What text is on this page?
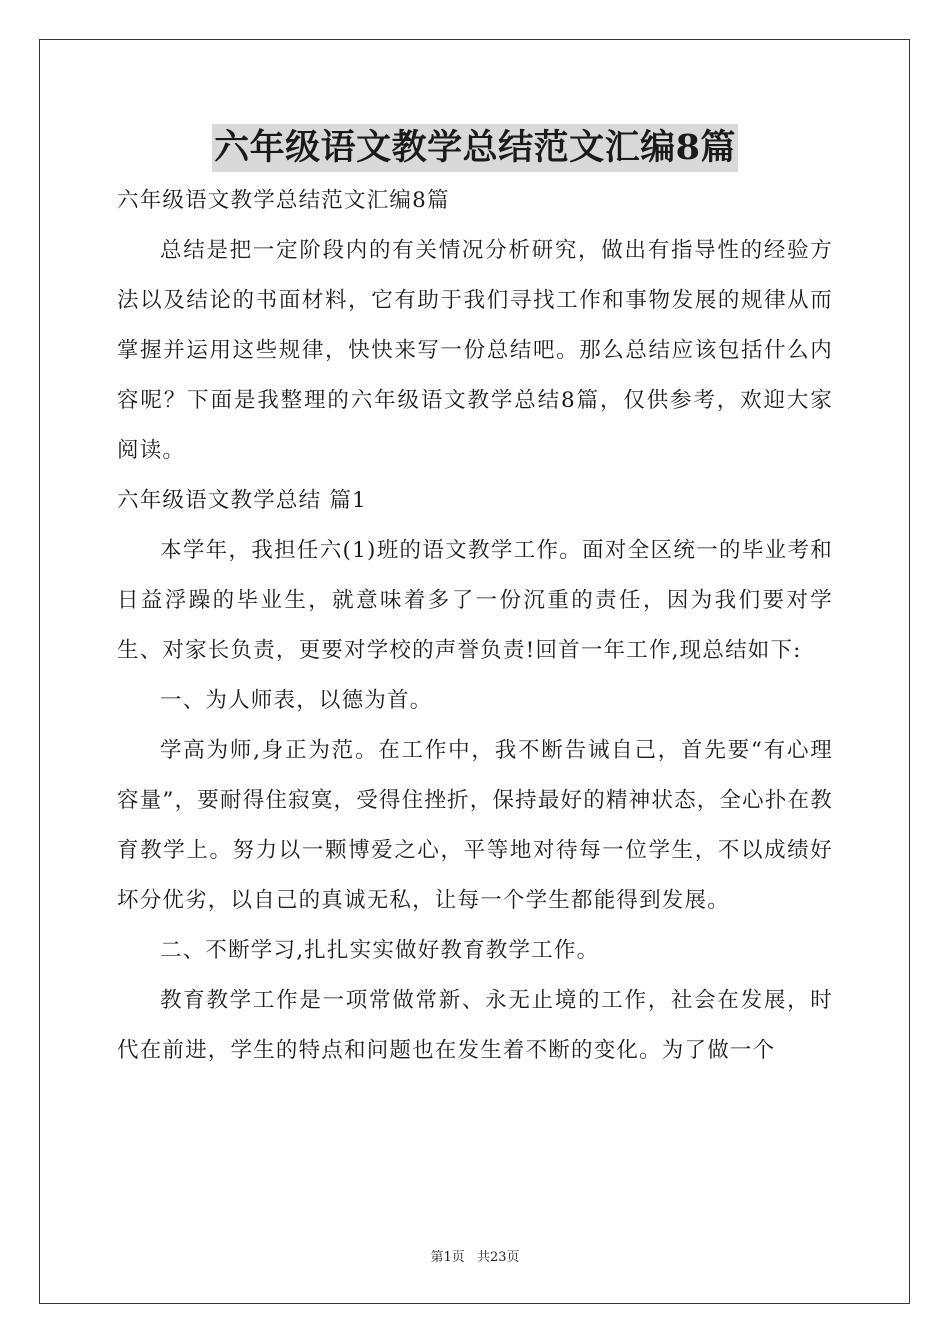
六年级语文教学总结范文汇编8篇

六年级语文教学总结范文汇编8篇

总结是把一定阶段内的有关情况分析研究，做出有指导性的经验方法以及结论的书面材料，它有助于我们寻找工作和事物发展的规律从而掌握并运用这些规律，快快来写一份总结吧。那么总结应该包括什么内容呢？下面是我整理的六年级语文教学总结8篇，仅供参考，欢迎大家阅读。

六年级语文教学总结 篇1

本学年，我担任六(1)班的语文教学工作。面对全区统一的毕业考和日益浮躁的毕业生，就意味着多了一份沉重的责任，因为我们要对学生、对家长负责，更要对学校的声誉负责!回首一年工作,现总结如下:

一、为人师表，以德为首。

学高为师,身正为范。在工作中，我不断告诫自己，首先要“有心理容量”，要耐得住寂寞，受得住挫折，保持最好的精神状态，全心扑在教育教学上。努力以一颗博爱之心，平等地对待每一位学生，不以成绩好坏分优劣，以自己的真诚无私，让每一个学生都能得到发展。

二、不断学习,扎扎实实做好教育教学工作。

教育教学工作是一项常做常新、永无止境的工作，社会在发展，时代在前进，学生的特点和问题也在发生着不断的变化。为了做一个

第1页 共23页
